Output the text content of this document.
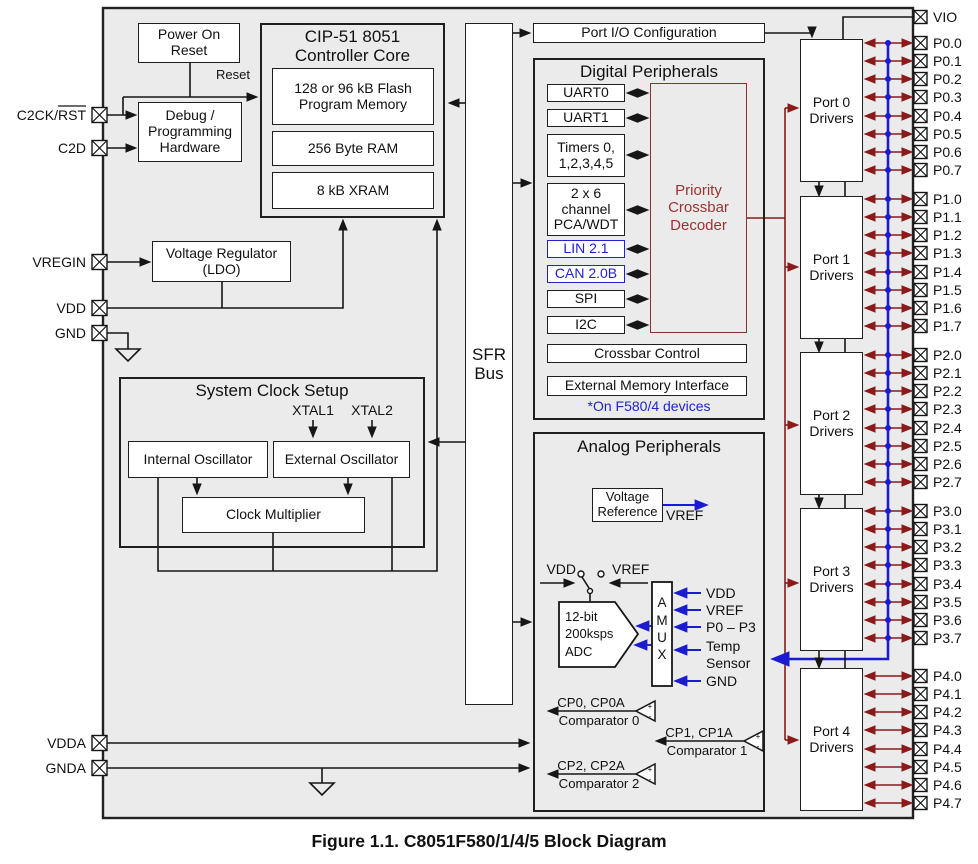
A
M
U
X
VDD
VREF
P0 – P3
Temp
Sensor
GND
+
-
CP0, CP0A
Comparator 0
+
-
CP1, CP1A
Comparator 1
+
-
CP2, CP2A
Comparator 2
C2CK/RST
C2D
VREGIN
VDD
GND
VDDA
GNDA
VIO
P0.0
P0.1
P0.2
P0.3
P0.4
P0.5
P0.6
P0.7
P1.0
P1.1
P1.2
P1.3
P1.4
P1.5
P1.6
P1.7
P2.0
P2.1
P2.2
P2.3
P2.4
P2.5
P2.6
P2.7
P3.0
P3.1
P3.2
P3.3
P3.4
P3.5
P3.6
P3.7
P4.0
P4.1
P4.2
P4.3
P4.4
P4.5
P4.6
P4.7
Power On
Reset
Debug /
Programming
Hardware
CIP-51 8051
Controller Core
128 or 96 kB Flash
Program Memory
256 Byte RAM
8 kB XRAM
Reset
Voltage Regulator
(LDO)
System Clock Setup
XTAL1	XTAL2
Internal Oscillator	External Oscillator
Clock Multiplier
SFR
Bus
Port I/O Configuration
Digital Peripherals
UART0
UART1
Timers 0,
1,2,3,4,5
2 x 6
channel
PCA/WDT
LIN 2.1
CAN 2.0B
SPI
I2C
Priority
Crossbar
Decoder
Crossbar Control
External Memory Interface
*On F580/4 devices
Analog Peripherals
Voltage
Reference VREF
VDD	VREF
12-bit
200ksps
ADC
Figure 1.1. C8051F580/1/4/5 Block Diagram
Port 0
Drivers
Port 1
Drivers
Port 2
Drivers
Port 3
Drivers
Port 4
Drivers
